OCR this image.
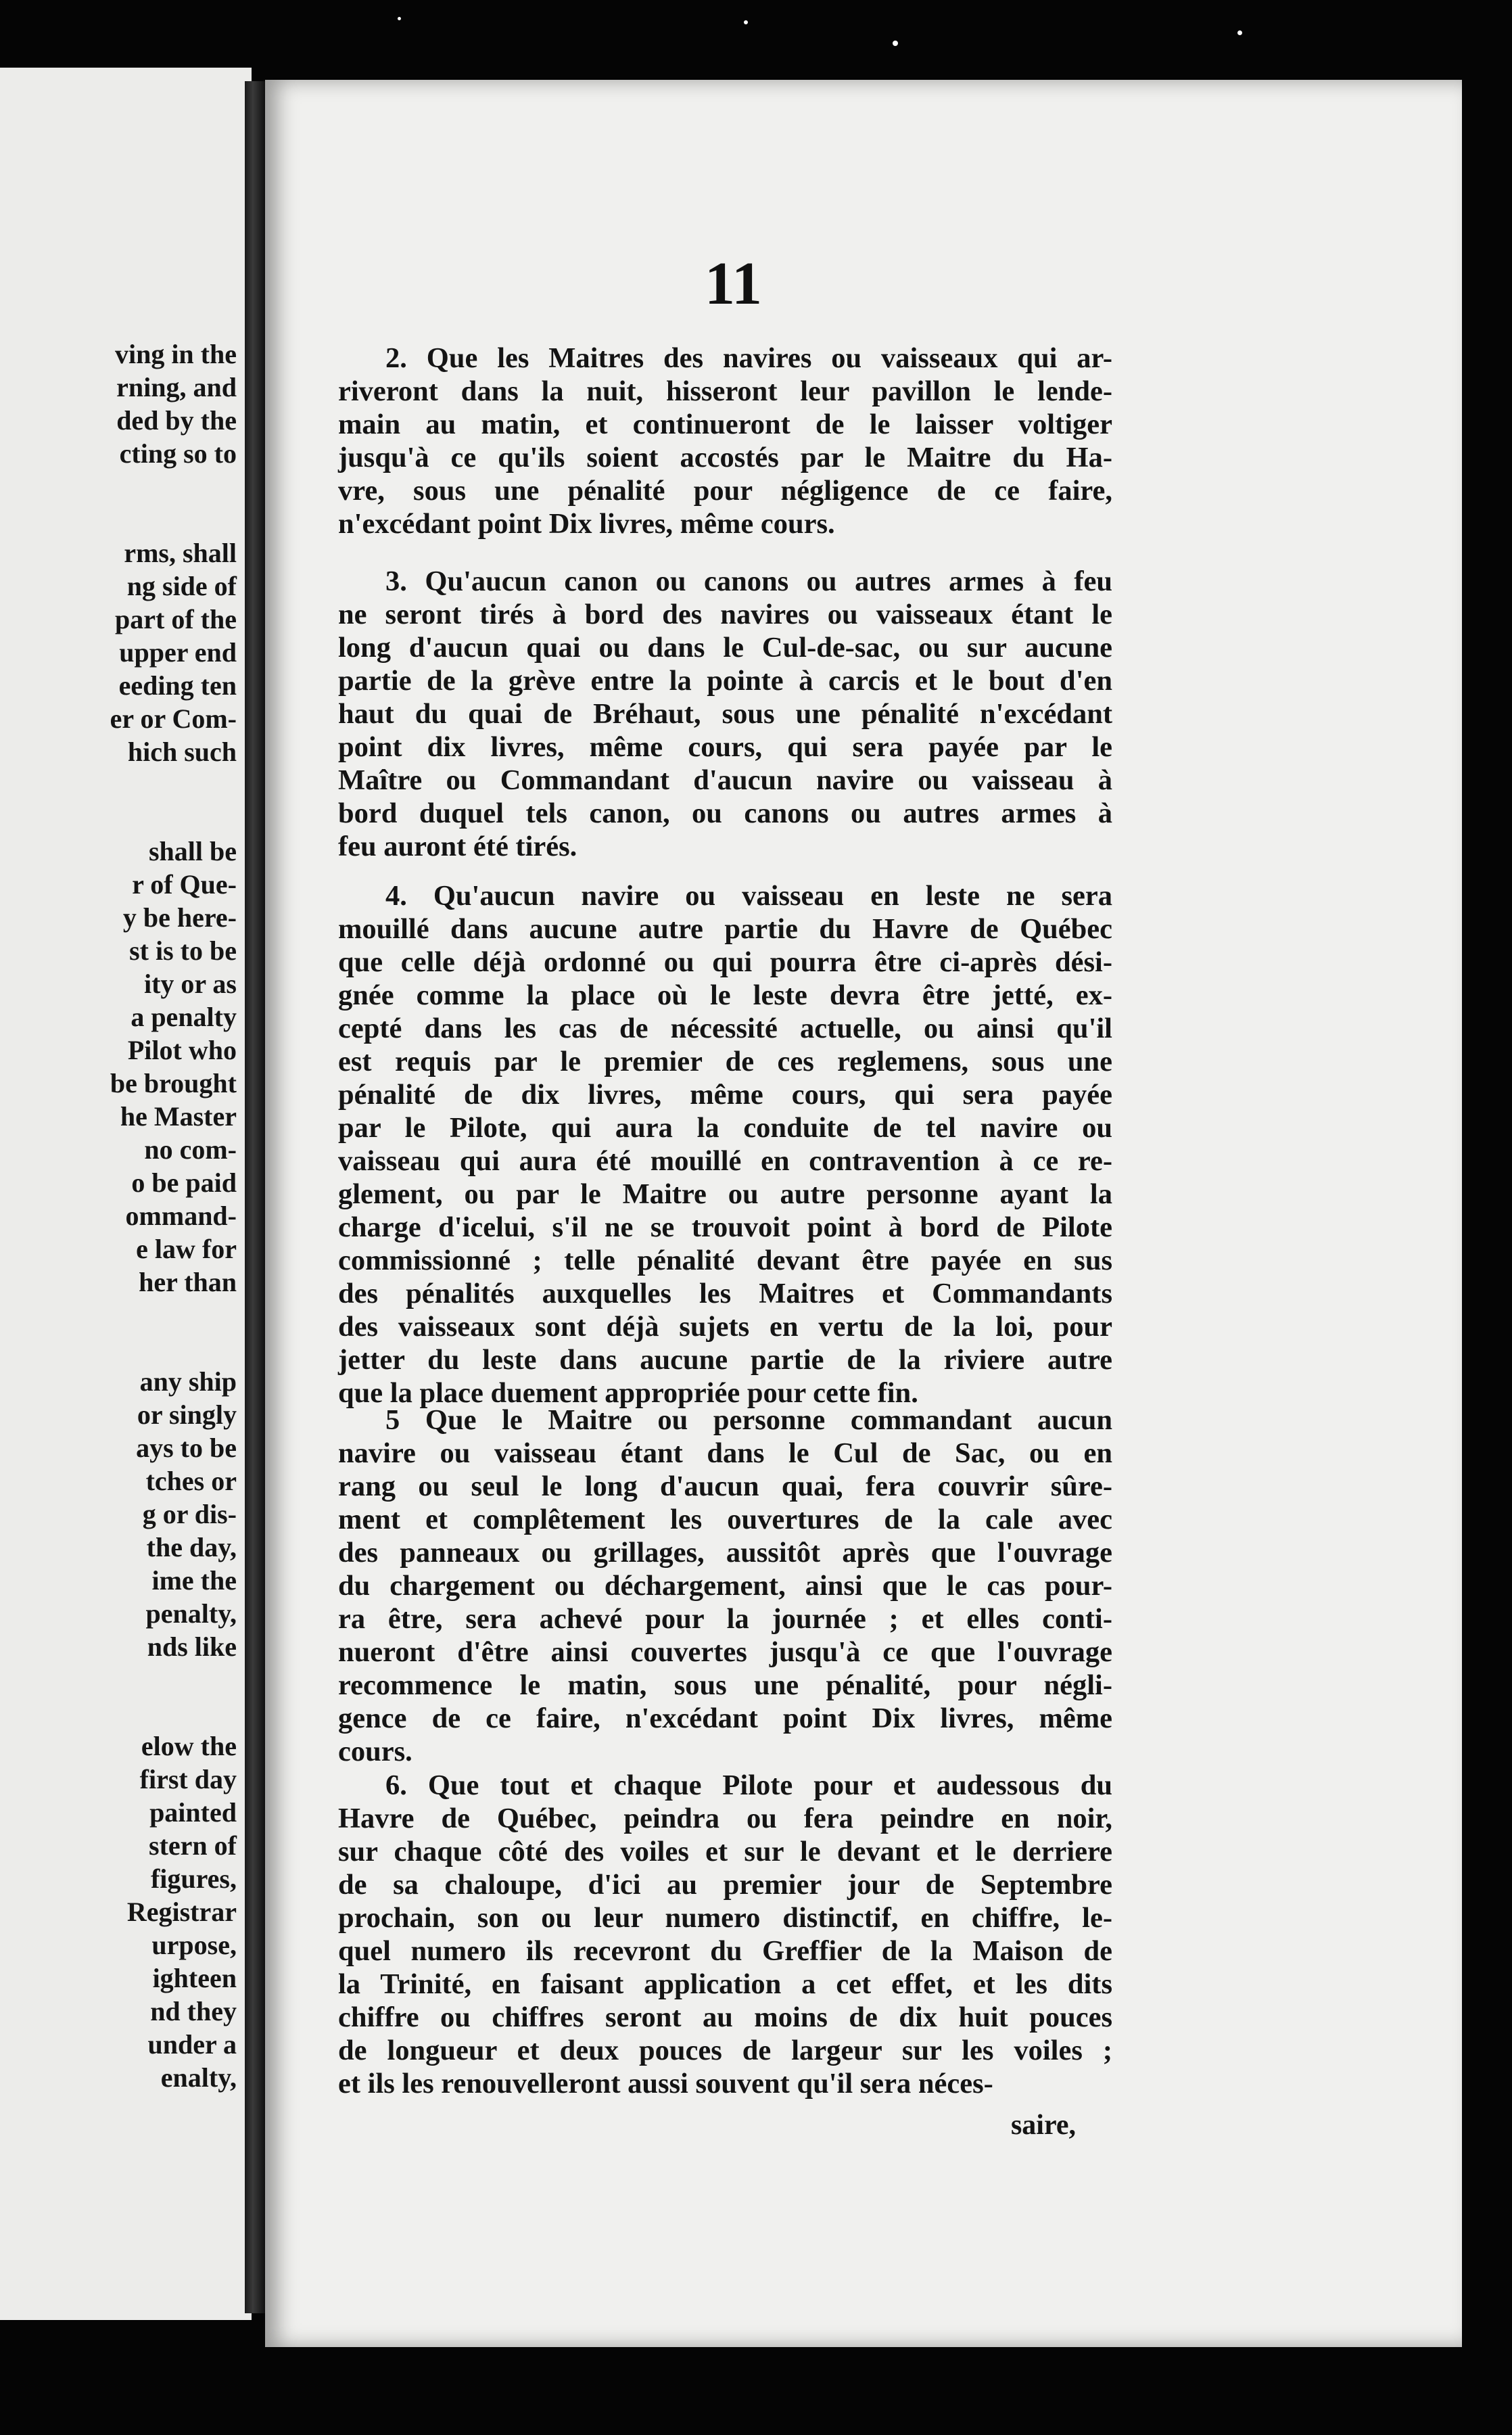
ving in the
rning, and
ded by the
cting so to
rms, shall
ng side of
part of the
upper end
eeding ten
er or Com-
hich such
shall be
r of Que-
y be here-
st is to be
ity or as
a penalty
Pilot who
be brought
he Master
no com-
o be paid
ommand-
e law for
her than
any ship
or singly
ays to be
tches or
g or dis-
the day,
ime the
penalty,
nds like
elow the
first day
painted
stern of
figures,
Registrar
urpose,
ighteen
nd they
under a
enalty,
11
2. Que les Maitres des navires ou vaisseaux qui ar-
riveront dans la nuit, hisseront leur pavillon le lende-
main au matin, et continueront de le laisser voltiger
jusqu'à ce qu'ils soient accostés par le Maitre du Ha-
vre, sous une pénalité pour négligence de ce faire,
n'excédant point Dix livres, même cours.
3. Qu'aucun canon ou canons ou autres armes à feu
ne seront tirés à bord des navires ou vaisseaux étant le
long d'aucun quai ou dans le Cul-de-sac, ou sur aucune
partie de la grève entre la pointe à carcis et le bout d'en
haut du quai de Bréhaut, sous une pénalité n'excédant
point dix livres, même cours, qui sera payée par le
Maître ou Commandant d'aucun navire ou vaisseau à
bord duquel tels canon, ou canons ou autres armes à
feu auront été tirés.
4. Qu'aucun navire ou vaisseau en leste ne sera
mouillé dans aucune autre partie du Havre de Québec
que celle déjà ordonné ou qui pourra être ci-après dési-
gnée comme la place où le leste devra être jetté, ex-
cepté dans les cas de nécessité actuelle, ou ainsi qu'il
est requis par le premier de ces reglemens, sous une
pénalité de dix livres, même cours, qui sera payée
par le Pilote, qui aura la conduite de tel navire ou
vaisseau qui aura été mouillé en contravention à ce re-
glement, ou par le Maitre ou autre personne ayant la
charge d'icelui, s'il ne se trouvoit point à bord de Pilote
commissionné ; telle pénalité devant être payée en sus
des pénalités auxquelles les Maitres et Commandants
des vaisseaux sont déjà sujets en vertu de la loi, pour
jetter du leste dans aucune partie de la riviere autre
que la place duement appropriée pour cette fin.
5 Que le Maitre ou personne commandant aucun
navire ou vaisseau étant dans le Cul de Sac, ou en
rang ou seul le long d'aucun quai, fera couvrir sûre-
ment et complêtement les ouvertures de la cale avec
des panneaux ou grillages, aussitôt après que l'ouvrage
du chargement ou déchargement, ainsi que le cas pour-
ra être, sera achevé pour la journée ; et elles conti-
nueront d'être ainsi couvertes jusqu'à ce que l'ouvrage
recommence le matin, sous une pénalité, pour négli-
gence de ce faire, n'excédant point Dix livres, même
cours.
6. Que tout et chaque Pilote pour et audessous du
Havre de Québec, peindra ou fera peindre en noir,
sur chaque côté des voiles et sur le devant et le derriere
de sa chaloupe, d'ici au premier jour de Septembre
prochain, son ou leur numero distinctif, en chiffre, le-
quel numero ils recevront du Greffier de la Maison de
la Trinité, en faisant application a cet effet, et les dits
chiffre ou chiffres seront au moins de dix huit pouces
de longueur et deux pouces de largeur sur les voiles ;
et ils les renouvelleront aussi souvent qu'il sera néces-
saire,
